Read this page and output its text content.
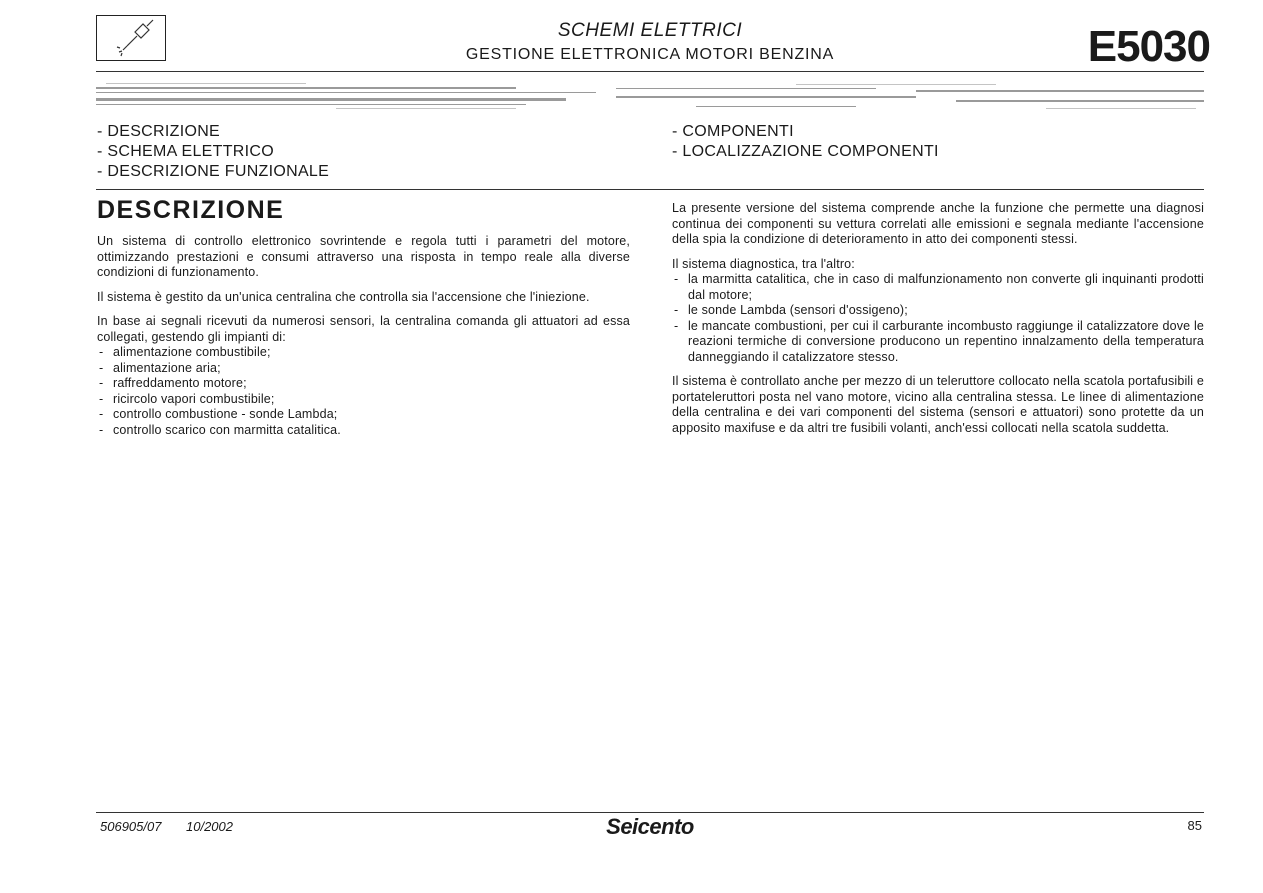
SCHEMI ELETTRICI
GESTIONE ELETTRONICA MOTORI BENZINA	E5030
- DESCRIZIONE
- SCHEMA ELETTRICO
- DESCRIZIONE FUNZIONALE
- COMPONENTI
- LOCALIZZAZIONE COMPONENTI
DESCRIZIONE

Un sistema di controllo elettronico sovrintende e regola tutti i parametri del motore, ottimizzando prestazioni e consumi attraverso una risposta in tempo reale alla diverse condizioni di funzionamento.

Il sistema è gestito da un'unica centralina che controlla sia l'accensione che l'iniezione.

In base ai segnali ricevuti da numerosi sensori, la centralina comanda gli attuatori ad essa collegati, gestendo gli impianti di:

- alimentazione combustibile;
- alimentazione aria;
- raffreddamento motore;
- ricircolo vapori combustibile;
- controllo combustione - sonde Lambda;
- controllo scarico con marmitta catalitica.

La presente versione del sistema comprende anche la funzione che permette una diagnosi continua dei componenti su vettura correlati alle emissioni e segnala mediante l'accensione della spia la condizione di deterioramento in atto dei componenti stessi.

Il sistema diagnostica, tra l'altro:

- la marmitta catalitica, che in caso di malfunzionamento non converte gli inquinanti prodotti dal motore;
- le sonde Lambda (sensori d'ossigeno);
- le mancate combustioni, per cui il carburante incombusto raggiunge il catalizzatore dove le reazioni termiche di conversione producono un repentino innalzamento della temperatura danneggiando il catalizzatore stesso.

Il sistema è controllato anche per mezzo di un teleruttore collocato nella scatola portafusibili e portateleruttori posta nel vano motore, vicino alla centralina stessa. Le linee di alimentazione della centralina e dei vari componenti del sistema (sensori e attuatori) sono protette da un apposito maxifuse e da altri tre fusibili volanti, anch'essi collocati nella scatola suddetta.

506905/07 10/2002	Seicento	85
